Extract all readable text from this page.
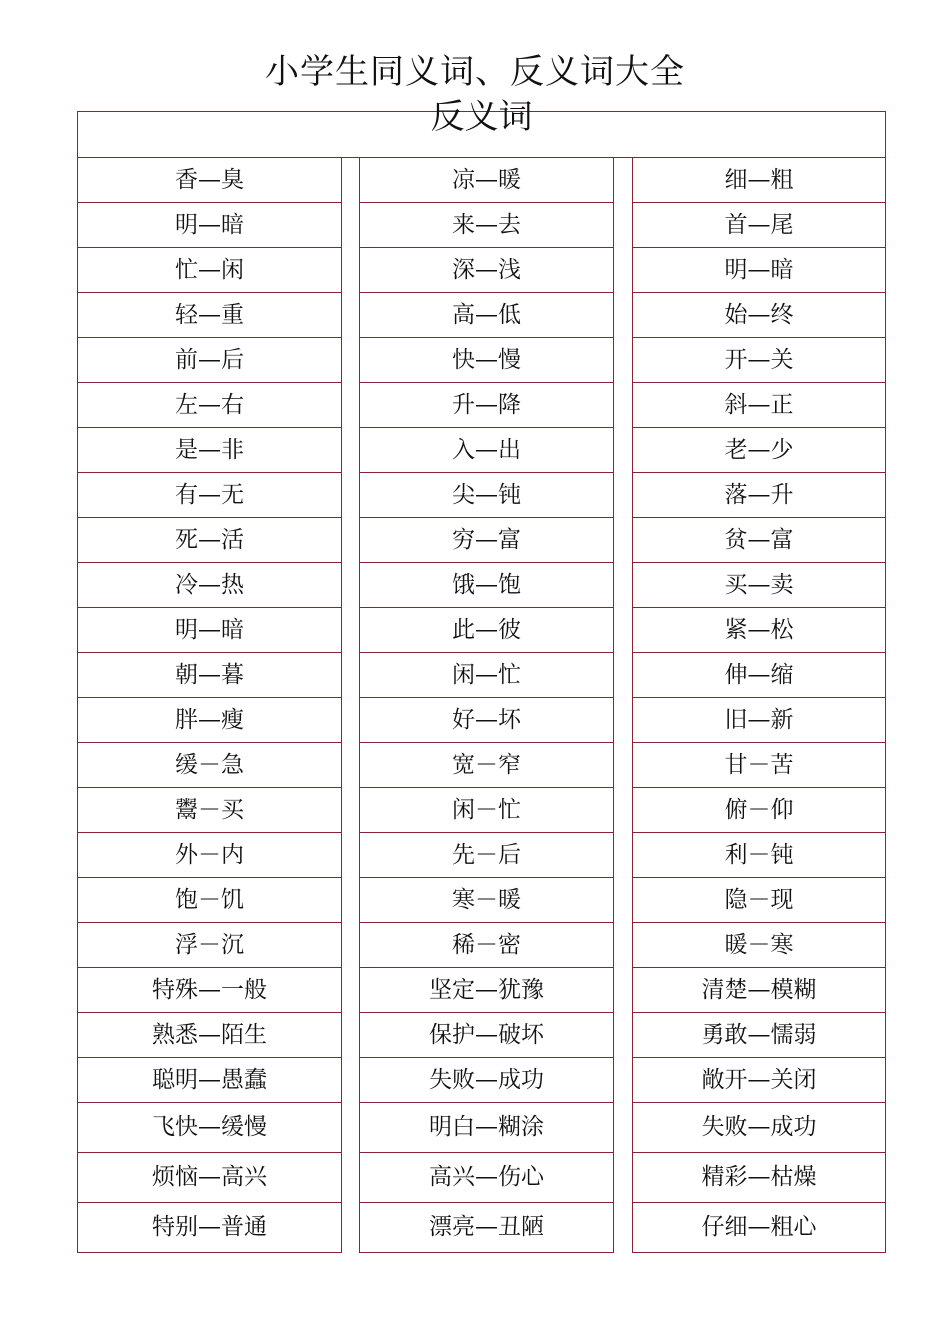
小学生同义词、反义词大全
反义词				
香—臭		凉—暖		细—粗
明—暗		来—去		首—尾
忙—闲		深—浅		明—暗
轻—重		高—低		始—终
前—后		快—慢		开—关
左—右		升—降		斜—正
是—非		入—出		老—少
有—无		尖—钝		落—升
死—活		穷—富		贫—富
冷—热		饿—饱		买—卖
明—暗		此—彼		紧—松
朝—暮		闲—忙		伸—缩
胖—瘦		好—坏		旧—新
缓－急		宽－窄		甘－苦
鬻－买		闲－忙		俯－仰
外－内		先－后		利－钝
饱－饥		寒－暖		隐－现
浮－沉		稀－密		暖－寒
特殊—一般		坚定—犹豫		清楚—模糊
熟悉—陌生		保护—破坏		勇敢—懦弱
聪明—愚蠢		失败—成功		敞开—关闭
飞快—缓慢		明白—糊涂		失败—成功
烦恼—高兴		高兴—伤心		精彩—枯燥
特别—普通		漂亮—丑陋		仔细—粗心
